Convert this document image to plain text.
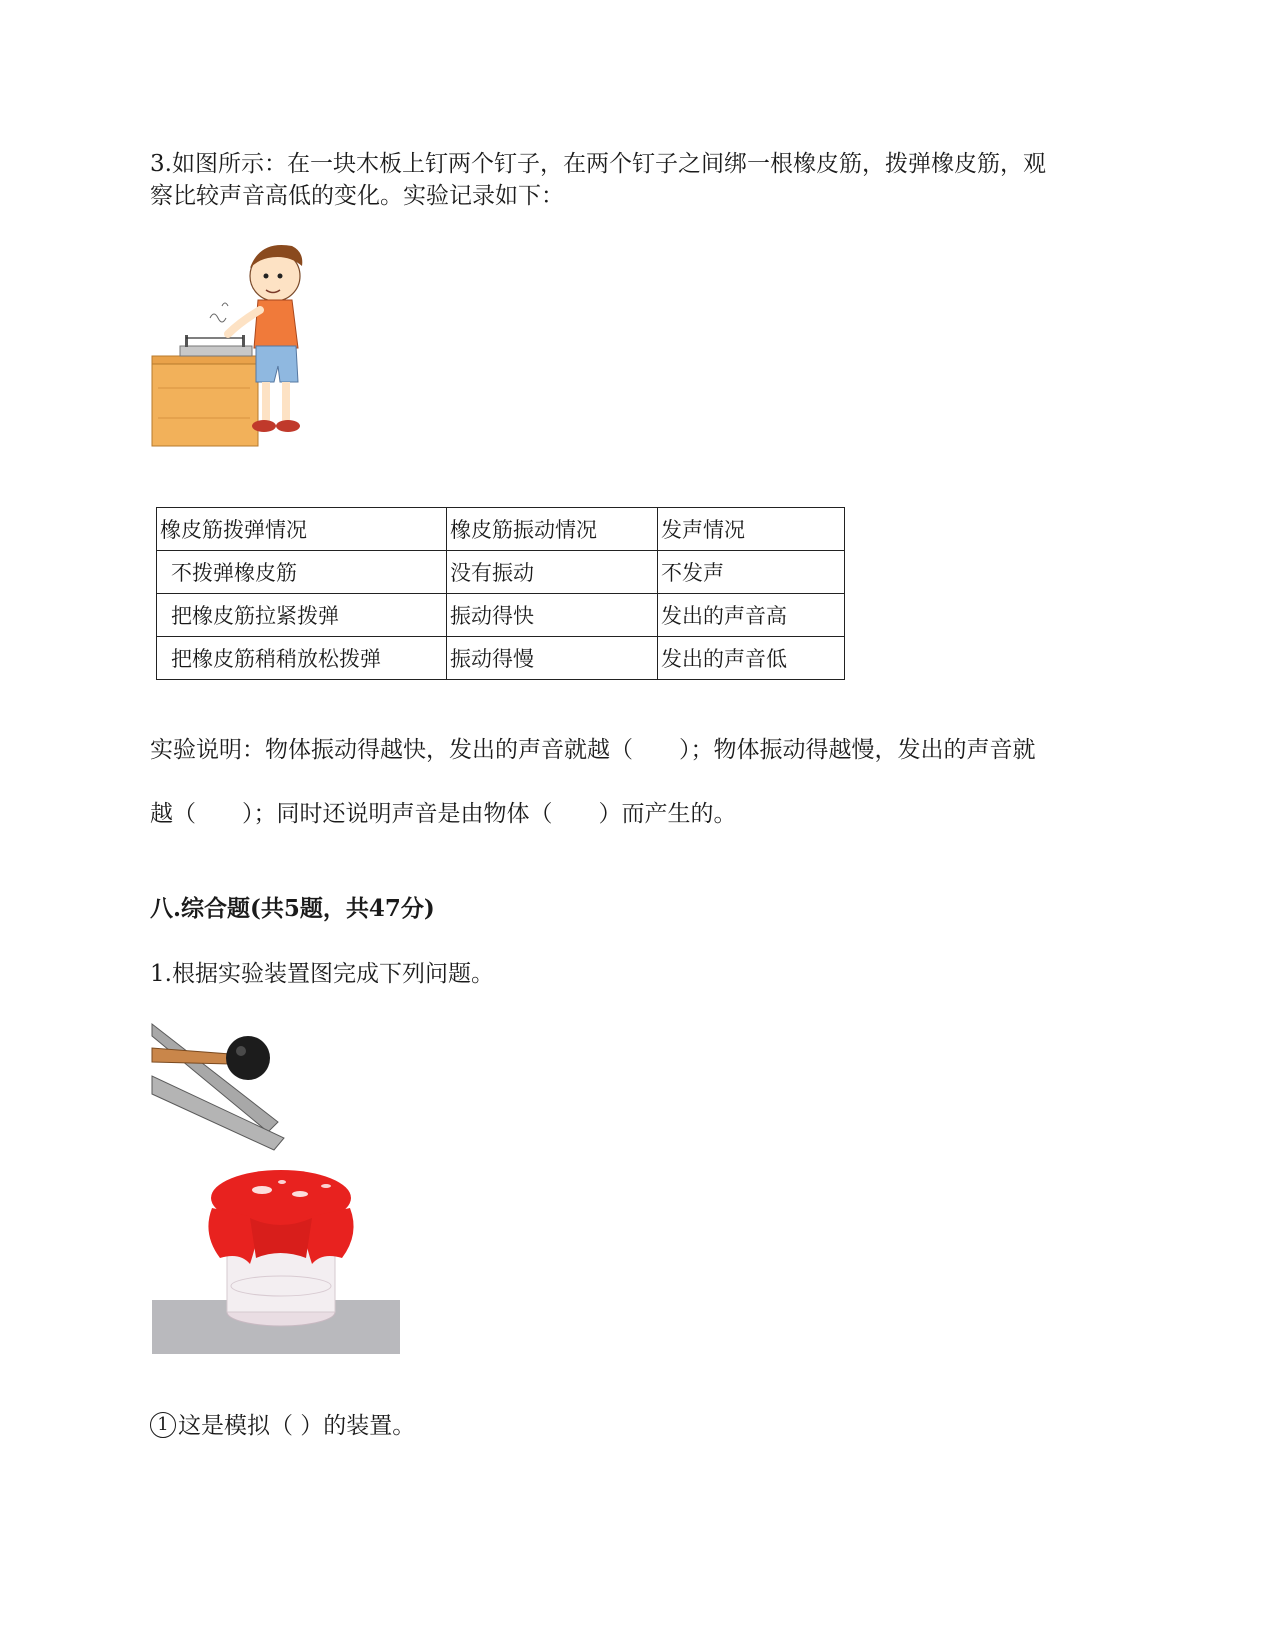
3.如图所示：在一块木板上钉两个钉子，在两个钉子之间绑一根橡皮筋，拨弹橡皮筋，观
察比较声音高低的变化。实验记录如下：
橡皮筋拨弹情况	橡皮筋振动情况	发声情况
不拨弹橡皮筋	没有振动	不发声
把橡皮筋拉紧拨弹	振动得快	发出的声音高
把橡皮筋稍稍放松拨弹	振动得慢	发出的声音低
实验说明：物体振动得越快，发出的声音就越（　　）；物体振动得越慢，发出的声音就
越（　　）；同时还说明声音是由物体（　　）而产生的。
八.综合题(共5题，共47分)
1.根据实验装置图完成下列问题。
1 这是模拟（ ）的装置。
